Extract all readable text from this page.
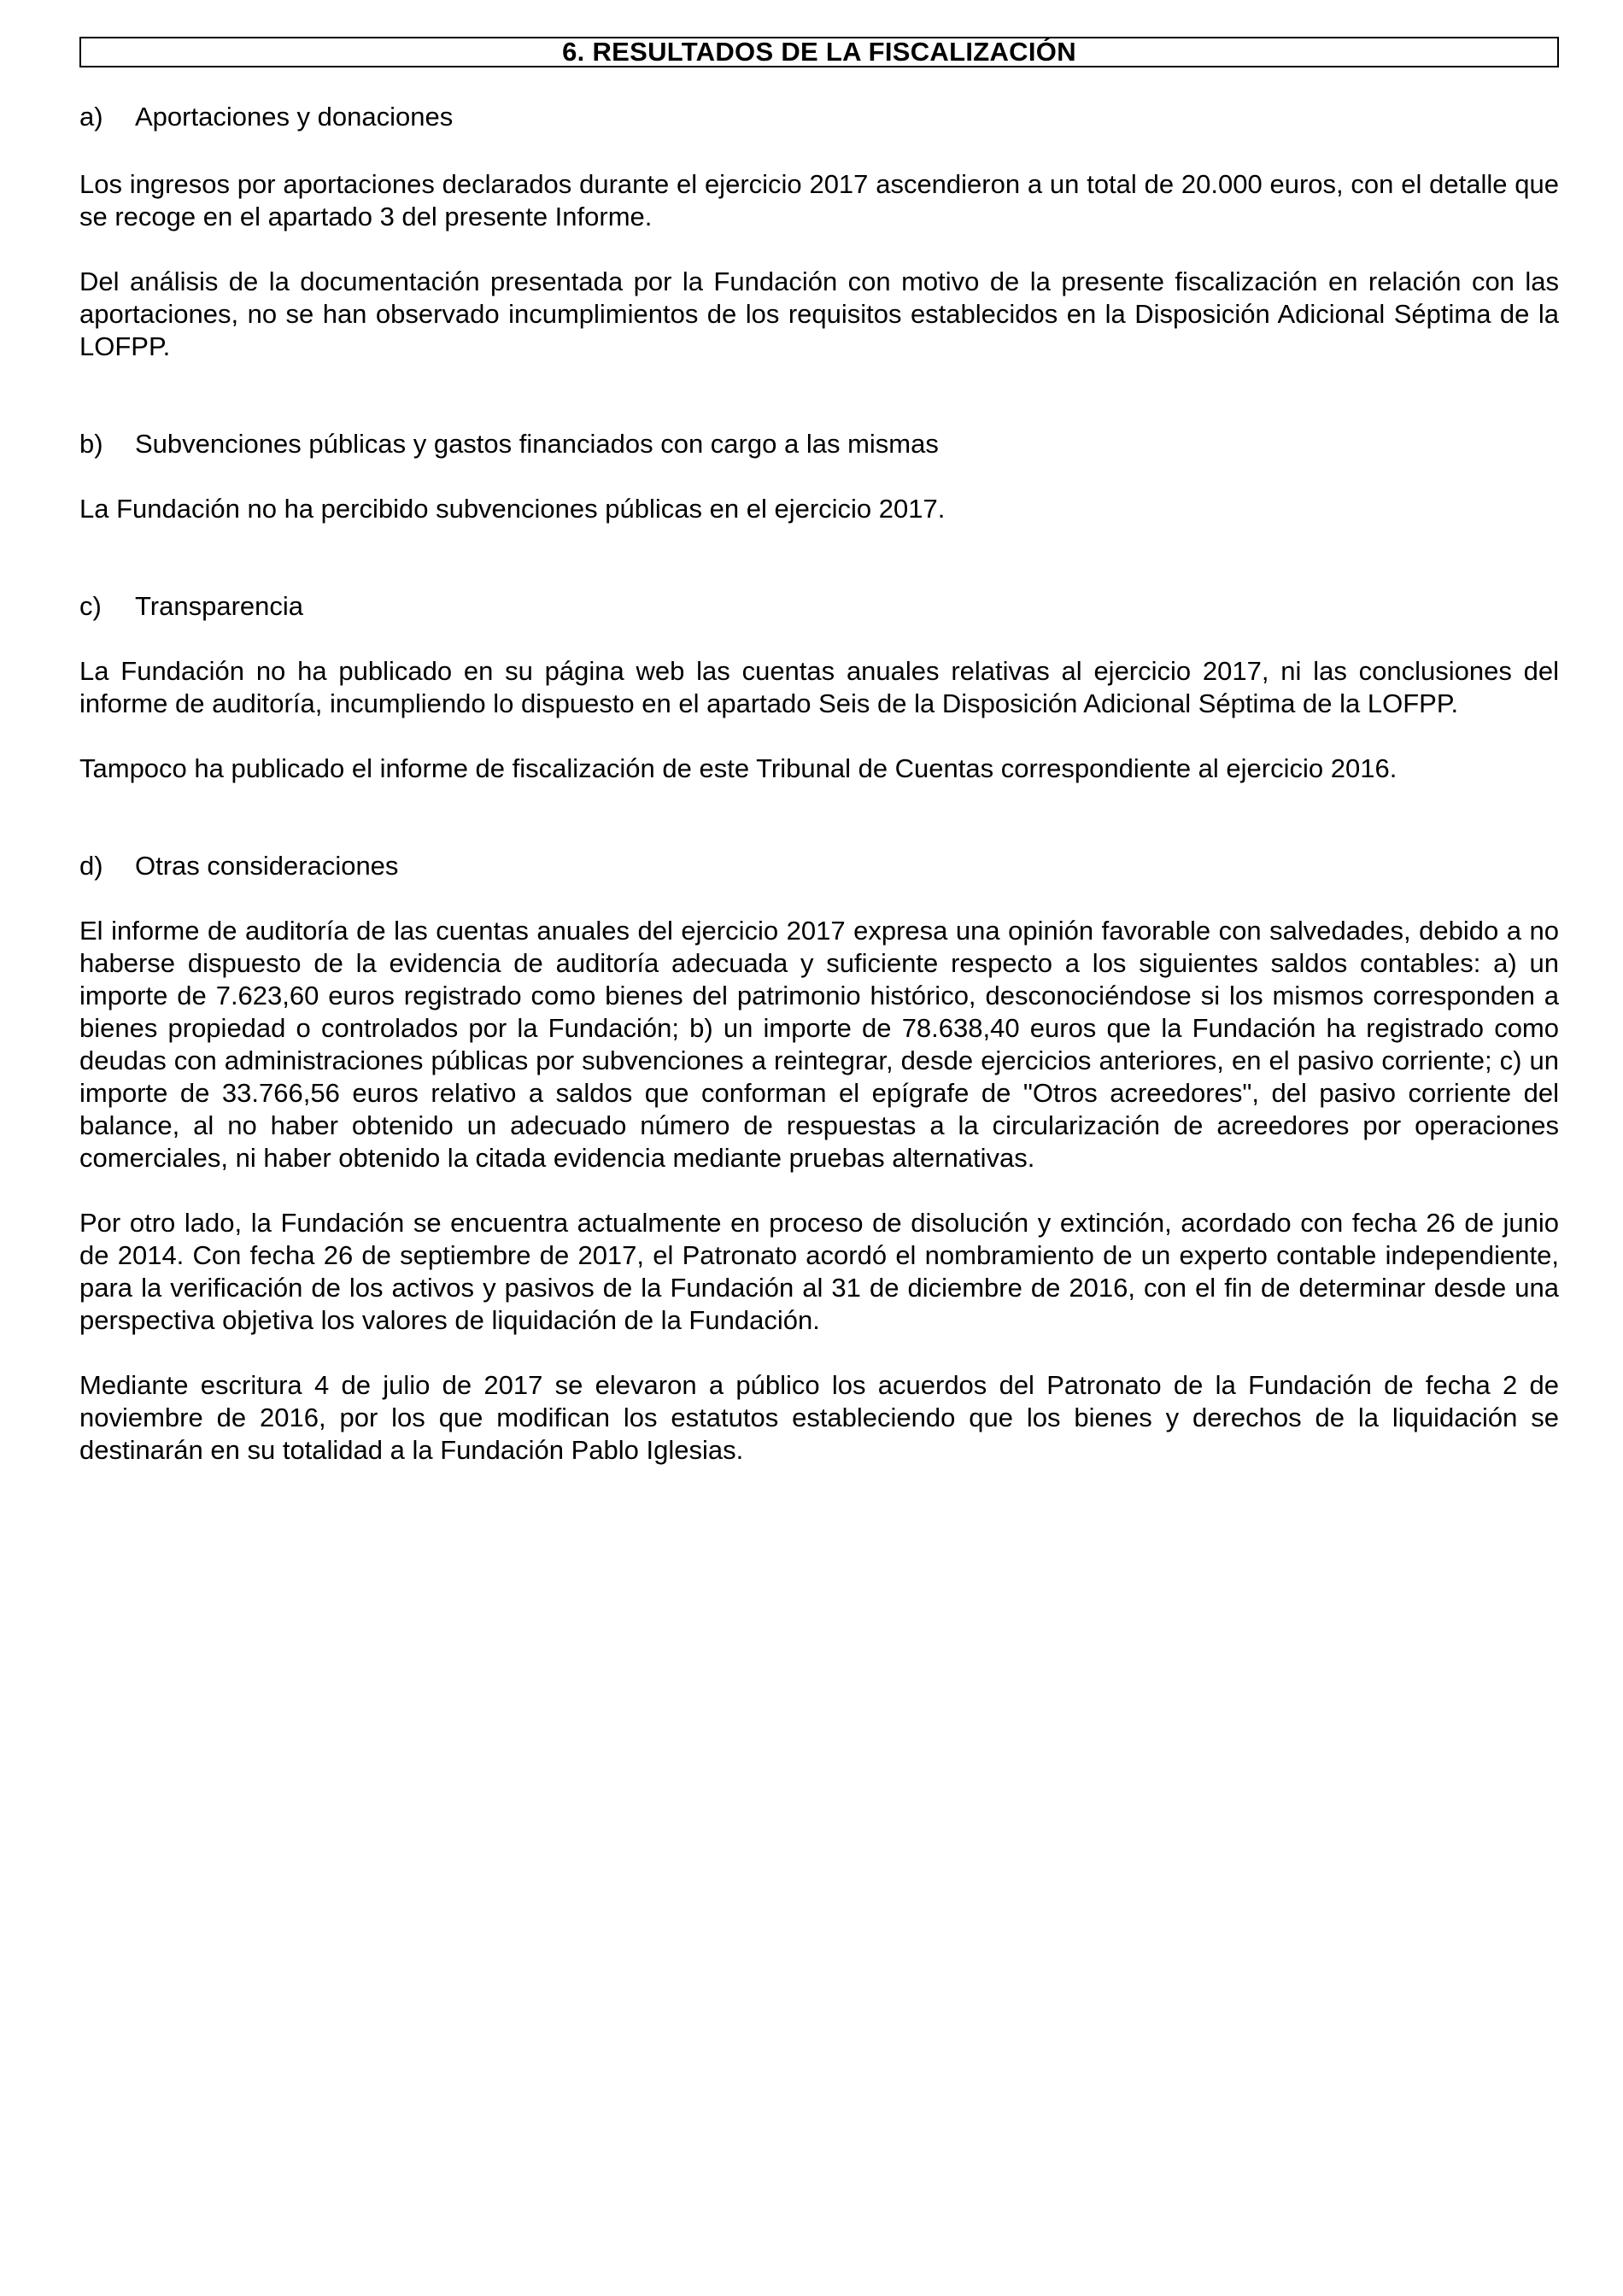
6. RESULTADOS DE LA FISCALIZACIÓN
a)	Aportaciones y donaciones

Los ingresos por aportaciones declarados durante el ejercicio 2017 ascendieron a un total de 20.000 euros, con el detalle que se recoge en el apartado 3 del presente Informe.

Del análisis de la documentación presentada por la Fundación con motivo de la presente fiscalización en relación con las aportaciones, no se han observado incumplimientos de los requisitos establecidos en la Disposición Adicional Séptima de la LOFPP.

b)	Subvenciones públicas y gastos financiados con cargo a las mismas

La Fundación no ha percibido subvenciones públicas en el ejercicio 2017.

c)	Transparencia

La Fundación no ha publicado en su página web las cuentas anuales relativas al ejercicio 2017, ni las conclusiones del informe de auditoría, incumpliendo lo dispuesto en el apartado Seis de la Disposición Adicional Séptima de la LOFPP.

Tampoco ha publicado el informe de fiscalización de este Tribunal de Cuentas correspondiente al ejercicio 2016.

d)	Otras consideraciones

El informe de auditoría de las cuentas anuales del ejercicio 2017 expresa una opinión favorable con salvedades, debido a no haberse dispuesto de la evidencia de auditoría adecuada y suficiente respecto a los siguientes saldos contables: a) un importe de 7.623,60 euros registrado como bienes del patrimonio histórico, desconociéndose si los mismos corresponden a bienes propiedad o controlados por la Fundación; b) un importe de 78.638,40 euros que la Fundación ha registrado como deudas con administraciones públicas por subvenciones a reintegrar, desde ejercicios anteriores, en el pasivo corriente; c) un importe de 33.766,56 euros relativo a saldos que conforman el epígrafe de "Otros acreedores", del pasivo corriente del balance, al no haber obtenido un adecuado número de respuestas a la circularización de acreedores por operaciones comerciales, ni haber obtenido la citada evidencia mediante pruebas alternativas.

Por otro lado, la Fundación se encuentra actualmente en proceso de disolución y extinción, acordado con fecha 26 de junio de 2014. Con fecha 26 de septiembre de 2017, el Patronato acordó el nombramiento de un experto contable independiente, para la verificación de los activos y pasivos de la Fundación al 31 de diciembre de 2016, con el fin de determinar desde una perspectiva objetiva los valores de liquidación de la Fundación.

Mediante escritura 4 de julio de 2017 se elevaron a público los acuerdos del Patronato de la Fundación de fecha 2 de noviembre de 2016, por los que modifican los estatutos estableciendo que los bienes y derechos de la liquidación se destinarán en su totalidad a la Fundación Pablo Iglesias.
